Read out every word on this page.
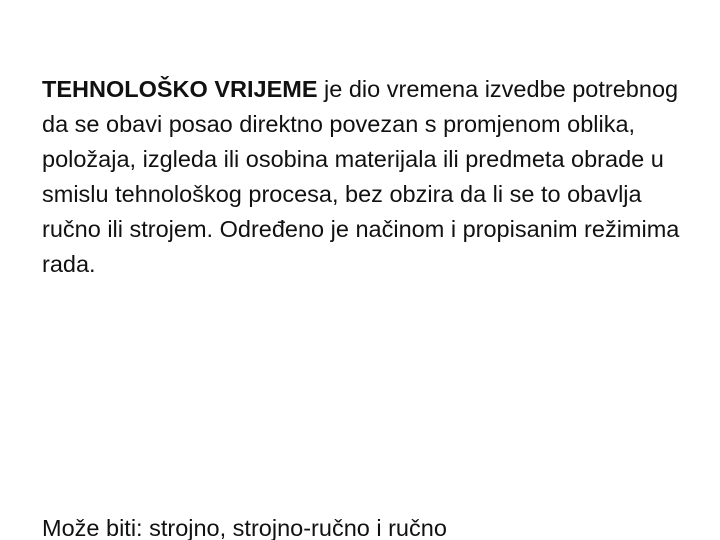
TEHNOLOŠKO VRIJEME je dio vremena izvedbe potrebnog

da se obavi posao direktno povezan s promjenom oblika,

položaja, izgleda ili osobina materijala ili predmeta obrade u

smislu tehnološkog procesa, bez obzira da li se to obavlja

ručno ili strojem. Određeno je načinom i propisanim režimima

rada.

Može biti: strojno, strojno-ručno i ručno
